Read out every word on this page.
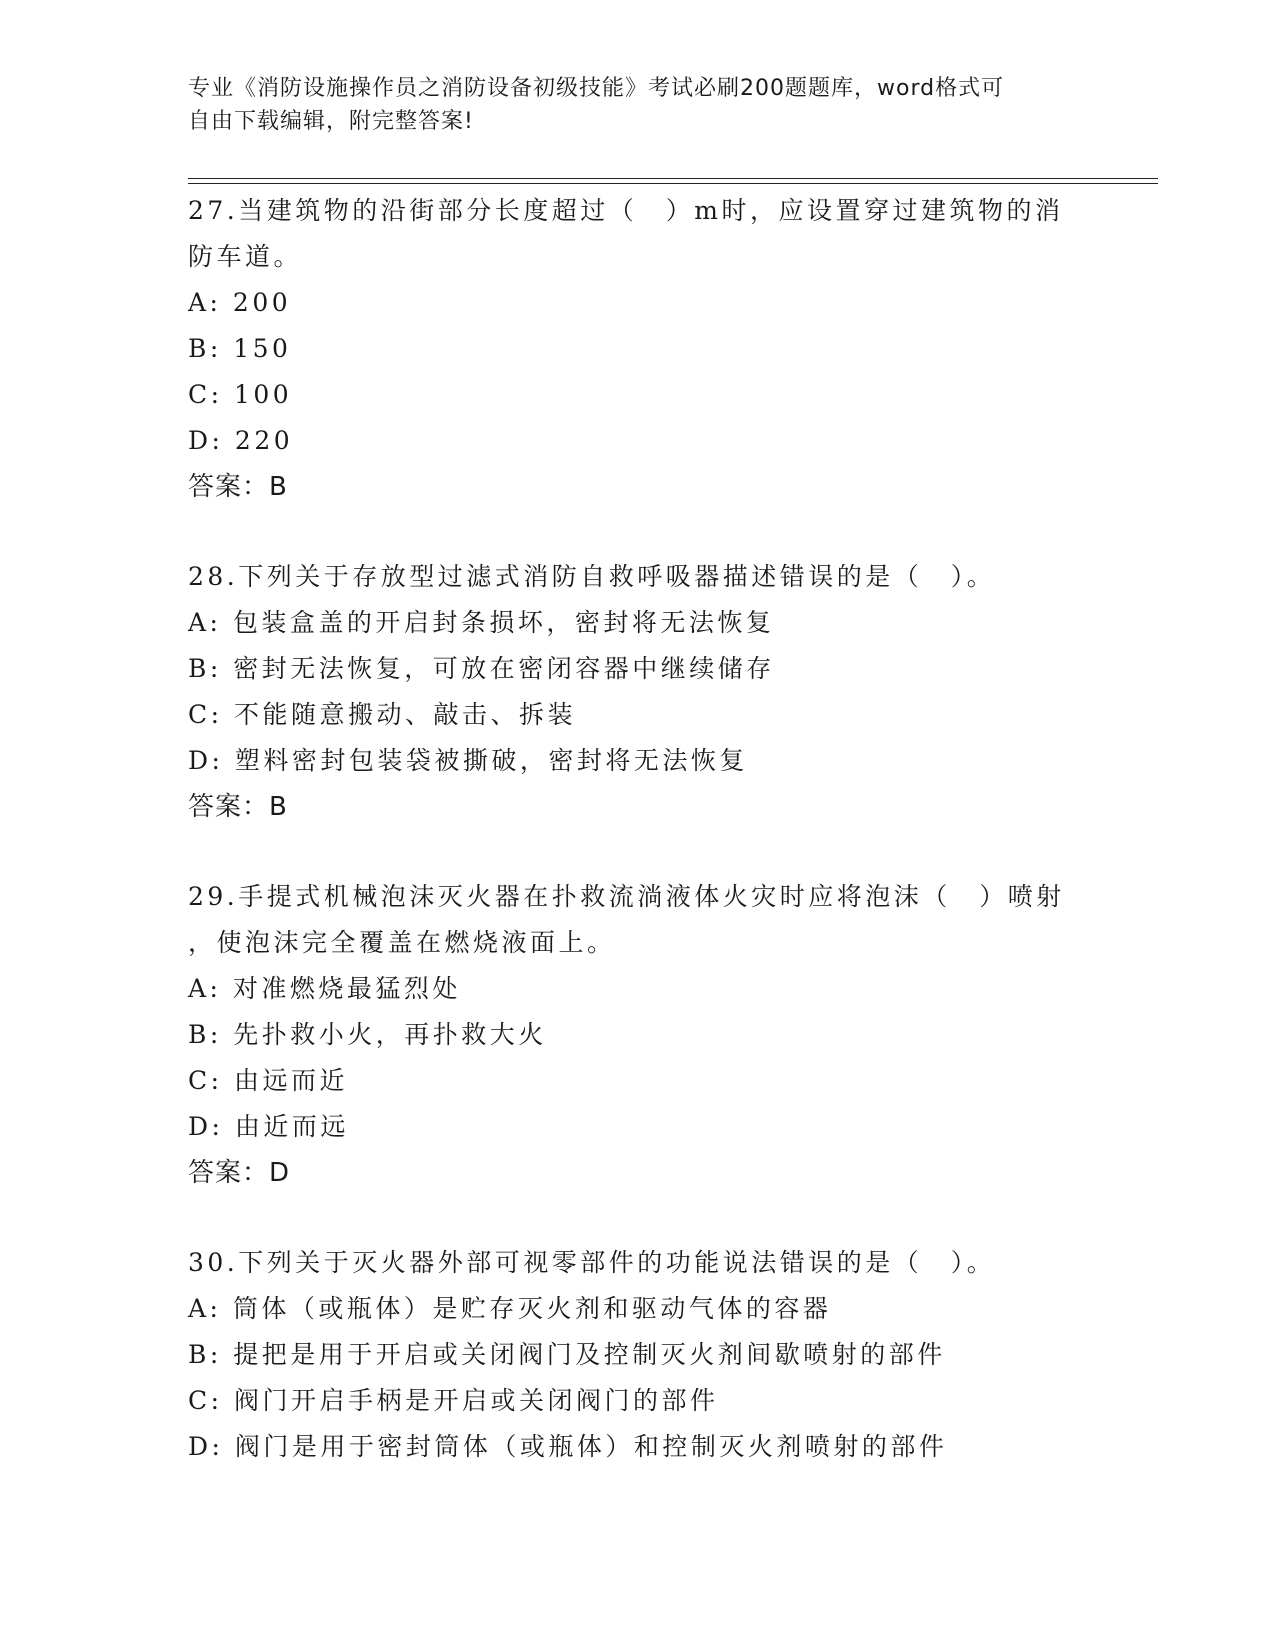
专业《消防设施操作员之消防设备初级技能》考试必刷200题题库，word格式可
自由下载编辑，附完整答案!
27.当建筑物的沿街部分长度超过（　）m时，应设置穿过建筑物的消
防车道。
A: 200
B: 150
C: 100
D: 220
答案：B
28.下列关于存放型过滤式消防自救呼吸器描述错误的是（　）。
A: 包装盒盖的开启封条损坏，密封将无法恢复
B: 密封无法恢复，可放在密闭容器中继续储存
C: 不能随意搬动、敲击、拆装
D: 塑料密封包装袋被撕破，密封将无法恢复
答案：B
29.手提式机械泡沫灭火器在扑救流淌液体火灾时应将泡沫（　）喷射
，使泡沫完全覆盖在燃烧液面上。
A: 对准燃烧最猛烈处
B: 先扑救小火，再扑救大火
C: 由远而近
D: 由近而远
答案：D
30.下列关于灭火器外部可视零部件的功能说法错误的是（　）。
A: 筒体（或瓶体）是贮存灭火剂和驱动气体的容器
B: 提把是用于开启或关闭阀门及控制灭火剂间歇喷射的部件
C: 阀门开启手柄是开启或关闭阀门的部件
D: 阀门是用于密封筒体（或瓶体）和控制灭火剂喷射的部件
